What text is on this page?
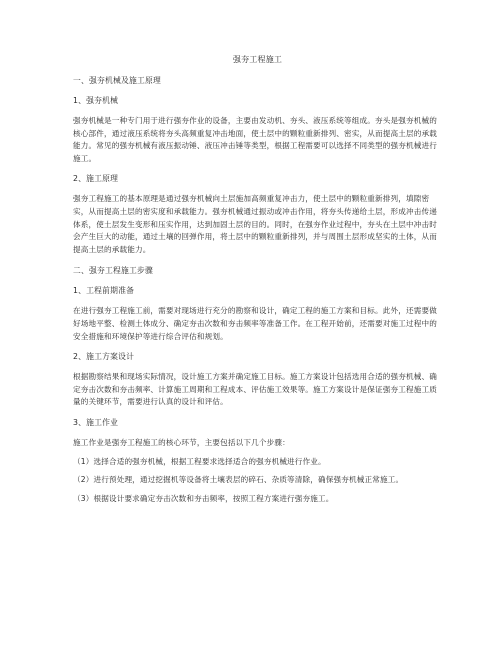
强夯工程施工
一、强夯机械及施工原理
1、强夯机械

强夯机械是一种专门用于进行强夯作业的设备，主要由发动机、夯头、液压系统等组成。夯头是强夯机械的核心部件，通过液压系统将夯头高频重复冲击地面，使土层中的颗粒重新排列、密实，从而提高土层的承载能力。常见的强夯机械有液压振动锤、液压冲击锤等类型，根据工程需要可以选择不同类型的强夯机械进行施工。

2、施工原理

强夯工程施工的基本原理是通过强夯机械向土层施加高频重复冲击力，使土层中的颗粒重新排列，填隙密实，从而提高土层的密实度和承载能力。强夯机械通过振动或冲击作用，将夯头传递给土层，形成冲击传递体系，使土层发生变形和压实作用，达到加固土层的目的。同时，在强夯作业过程中，夯头在土层中冲击时会产生巨大的动能，通过土壤的回弹作用，将土层中的颗粒重新排列，并与周围土层形成坚实的土体，从而提高土层的承载能力。

二、强夯工程施工步骤
1、工程前期准备

在进行强夯工程施工前，需要对现场进行充分的勘察和设计，确定工程的施工方案和目标。此外，还需要做好场地平整、检测土体成分、确定夯击次数和夯击频率等准备工作。在工程开始前，还需要对施工过程中的安全措施和环境保护等进行综合评估和规划。

2、施工方案设计

根据勘察结果和现场实际情况，设计施工方案并确定施工目标。施工方案设计包括选用合适的强夯机械、确定夯击次数和夯击频率、计算施工周期和工程成本、评估施工效果等。施工方案设计是保证强夯工程施工质量的关键环节，需要进行认真的设计和评估。

3、施工作业

施工作业是强夯工程施工的核心环节，主要包括以下几个步骤：

（1）选择合适的强夯机械，根据工程要求选择适合的强夯机械进行作业。

（2）进行预处理，通过挖掘机等设备将土壤表层的碎石、杂质等清除，确保强夯机械正常施工。

（3）根据设计要求确定夯击次数和夯击频率，按照工程方案进行强夯施工。
